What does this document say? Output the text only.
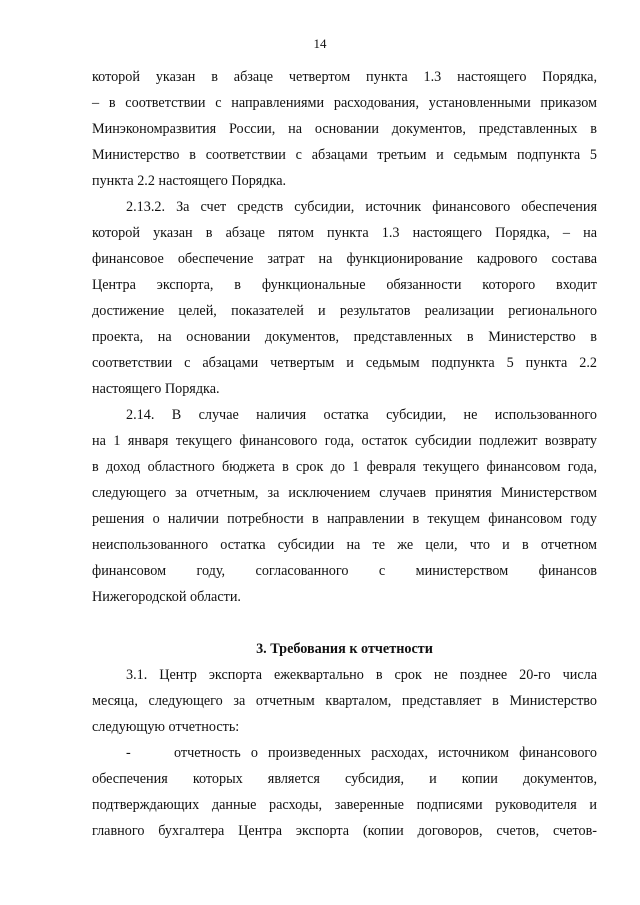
14
которой указан в абзаце четвертом пункта 1.3 настоящего Порядка,
– в соответствии с направлениями расходования, установленными приказом
Минэкономразвития России, на основании документов, представленных в
Министерство в соответствии с абзацами третьим и седьмым подпункта 5
пункта 2.2 настоящего Порядка.
2.13.2. За счет средств субсидии, источник финансового обеспечения
которой указан в абзаце пятом пункта 1.3 настоящего Порядка, – на
финансовое обеспечение затрат на функционирование кадрового состава
Центра экспорта, в функциональные обязанности которого входит
достижение целей, показателей и результатов реализации регионального
проекта, на основании документов, представленных в Министерство в
соответствии с абзацами четвертым и седьмым подпункта 5 пункта 2.2
настоящего Порядка.
2.14. В случае наличия остатка субсидии, не использованного
на 1 января текущего финансового года, остаток субсидии подлежит возврату
в доход областного бюджета в срок до 1 февраля текущего финансовом года,
следующего за отчетным, за исключением случаев принятия Министерством
решения о наличии потребности в направлении в текущем финансовом году
неиспользованного остатка субсидии на те же цели, что и в отчетном
финансовом году, согласованного с министерством финансов
Нижегородской области.
3. Требования к отчетности
3.1. Центр экспорта ежеквартально в срок не позднее 20-го числа
месяца, следующего за отчетным кварталом, представляет в Министерство
следующую отчетность:
-	отчетность о произведенных расходах, источником финансового
обеспечения которых является субсидия, и копии документов,
подтверждающих данные расходы, заверенные подписями руководителя и
главного бухгалтера Центра экспорта (копии договоров, счетов, счетов-
